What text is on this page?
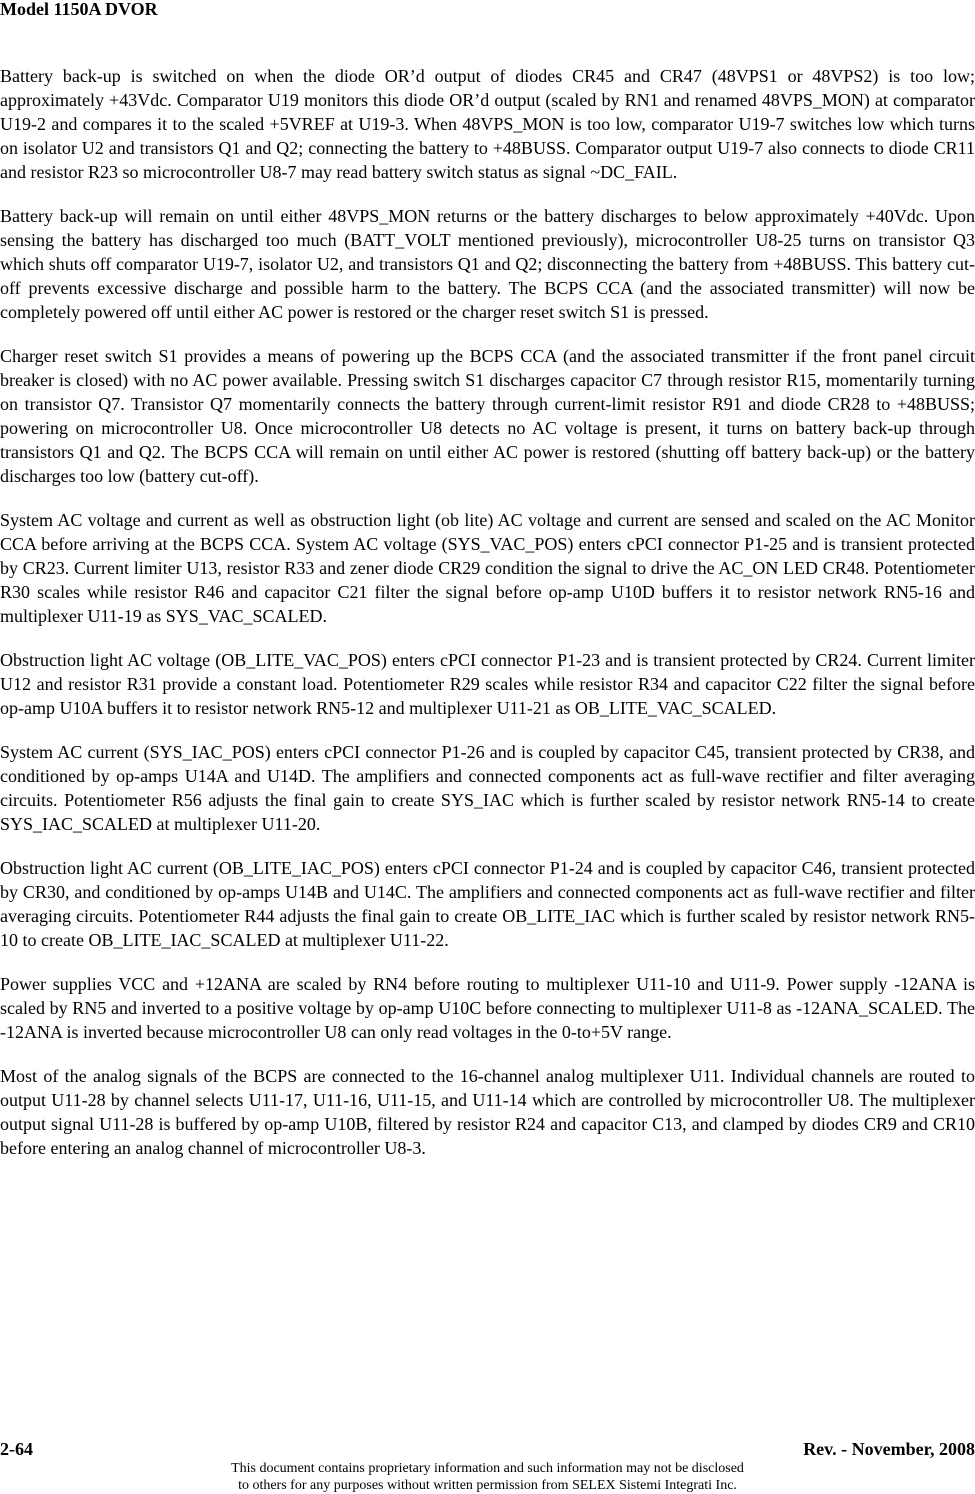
Model 1150A DVOR

Battery back-up is switched on when the diode OR’d output of diodes CR45 and CR47 (48VPS1 or 48VPS2) is too low; approximately +43Vdc. Comparator U19 monitors this diode OR’d output (scaled by RN1 and renamed 48VPS_MON) at comparator U19-2 and compares it to the scaled +5VREF at U19-3. When 48VPS_MON is too low, comparator U19-7 switches low which turns on isolator U2 and transistors Q1 and Q2; connecting the battery to +48BUSS. Comparator output U19-7 also connects to diode CR11 and resistor R23 so microcontroller U8-7 may read battery switch status as signal ~DC_FAIL.

Battery back-up will remain on until either 48VPS_MON returns or the battery discharges to below approximately +40Vdc. Upon sensing the battery has discharged too much (BATT_VOLT mentioned previously), microcontroller U8-25 turns on transistor Q3 which shuts off comparator U19-7, isolator U2, and transistors Q1 and Q2; disconnecting the battery from +48BUSS. This battery cut-off prevents excessive discharge and possible harm to the battery. The BCPS CCA (and the associated transmitter) will now be completely powered off until either AC power is restored or the charger reset switch S1 is pressed.

Charger reset switch S1 provides a means of powering up the BCPS CCA (and the associated transmitter if the front panel circuit breaker is closed) with no AC power available. Pressing switch S1 discharges capacitor C7 through resistor R15, momentarily turning on transistor Q7. Transistor Q7 momentarily connects the battery through current-limit resistor R91 and diode CR28 to +48BUSS; powering on microcontroller U8. Once microcontroller U8 detects no AC voltage is present, it turns on battery back-up through transistors Q1 and Q2. The BCPS CCA will remain on until either AC power is restored (shutting off battery back-up) or the battery discharges too low (battery cut-off).

System AC voltage and current as well as obstruction light (ob lite) AC voltage and current are sensed and scaled on the AC Monitor CCA before arriving at the BCPS CCA. System AC voltage (SYS_VAC_POS) enters cPCI connector P1-25 and is transient protected by CR23. Current limiter U13, resistor R33 and zener diode CR29 condition the signal to drive the AC_ON LED CR48. Potentiometer R30 scales while resistor R46 and capacitor C21 filter the signal before op-amp U10D buffers it to resistor network RN5-16 and multiplexer U11-19 as SYS_VAC_SCALED.

Obstruction light AC voltage (OB_LITE_VAC_POS) enters cPCI connector P1-23 and is transient protected by CR24. Current limiter U12 and resistor R31 provide a constant load. Potentiometer R29 scales while resistor R34 and capacitor C22 filter the signal before op-amp U10A buffers it to resistor network RN5-12 and multiplexer U11-21 as OB_LITE_VAC_SCALED.

System AC current (SYS_IAC_POS) enters cPCI connector P1-26 and is coupled by capacitor C45, transient protected by CR38, and conditioned by op-amps U14A and U14D. The amplifiers and connected components act as full-wave rectifier and filter averaging circuits. Potentiometer R56 adjusts the final gain to create SYS_IAC which is further scaled by resistor network RN5-14 to create SYS_IAC_SCALED at multiplexer U11-20.

Obstruction light AC current (OB_LITE_IAC_POS) enters cPCI connector P1-24 and is coupled by capacitor C46, transient protected by CR30, and conditioned by op-amps U14B and U14C. The amplifiers and connected components act as full-wave rectifier and filter averaging circuits. Potentiometer R44 adjusts the final gain to create OB_LITE_IAC which is further scaled by resistor network RN5-10 to create OB_LITE_IAC_SCALED at multiplexer U11-22.

Power supplies VCC and +12ANA are scaled by RN4 before routing to multiplexer U11-10 and U11-9. Power supply -12ANA is scaled by RN5 and inverted to a positive voltage by op-amp U10C before connecting to multiplexer U11-8 as -12ANA_SCALED. The -12ANA is inverted because microcontroller U8 can only read voltages in the 0-to+5V range.

Most of the analog signals of the BCPS are connected to the 16-channel analog multiplexer U11. Individual channels are routed to output U11-28 by channel selects U11-17, U11-16, U11-15, and U11-14 which are controlled by microcontroller U8. The multiplexer output signal U11-28 is buffered by op-amp U10B, filtered by resistor R24 and capacitor C13, and clamped by diodes CR9 and CR10 before entering an analog channel of microcontroller U8-3.

2-64	Rev. - November, 2008
This document contains proprietary information and such information may not be disclosed
to others for any purposes without written permission from SELEX Sistemi Integrati Inc.
